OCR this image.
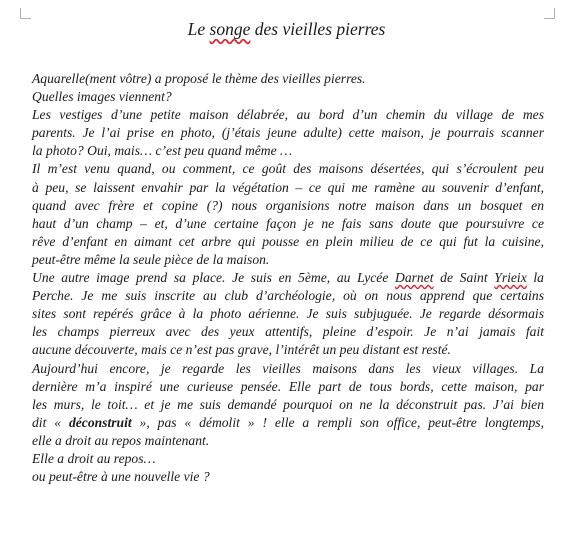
Le songe des vieilles pierres
Aquarelle(ment vôtre) a proposé le thème des vieilles pierres.
Quelles images viennent?
Les vestiges d’une petite maison délabrée, au bord d’un chemin du village de mes
parents. Je l’ai prise en photo, (j’étais jeune adulte) cette maison, je pourrais scanner
la photo? Oui, mais… c’est peu quand même …
Il m’est venu quand, ou comment, ce goût des maisons désertées, qui s’écroulent peu
à peu, se laissent envahir par la végétation – ce qui me ramène au souvenir d’enfant,
quand avec frère et copine (?) nous organisions notre maison dans un bosquet en
haut d’un champ – et, d’une certaine façon je ne fais sans doute que poursuivre ce
rêve d’enfant en aimant cet arbre qui pousse en plein milieu de ce qui fut la cuisine,
peut-être même la seule pièce de la maison.
Une autre image prend sa place. Je suis en 5ème, au Lycée Darnet de Saint Yrieix la
Perche. Je me suis inscrite au club d’archéologie, où on nous apprend que certains
sites sont repérés grâce à la photo aérienne. Je suis subjuguée. Je regarde désormais
les champs pierreux avec des yeux attentifs, pleine d’espoir. Je n’ai jamais fait
aucune découverte, mais ce n’est pas grave, l’intérêt un peu distant est resté.
Aujourd’hui encore, je regarde les vieilles maisons dans les vieux villages. La
dernière m’a inspiré une curieuse pensée. Elle part de tous bords, cette maison, par
les murs, le toit… et je me suis demandé pourquoi on ne la déconstruit pas. J’ai bien
dit « déconstruit », pas « démolit » ! elle a rempli son office, peut-être longtemps,
elle a droit au repos maintenant.
Elle a droit au repos…
ou peut-être à une nouvelle vie ?
